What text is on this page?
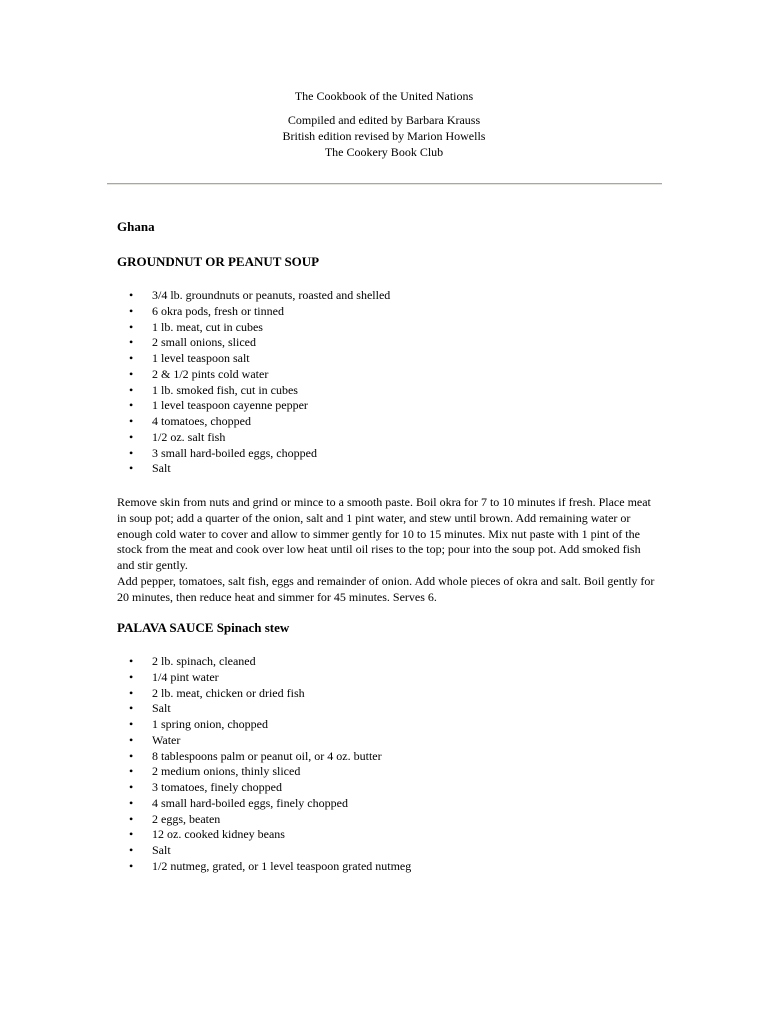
The Cookbook of the United Nations
Compiled and edited by Barbara Krauss
British edition revised by Marion Howells
The Cookery Book Club
Ghana
GROUNDNUT OR PEANUT SOUP
• 3/4 lb. groundnuts or peanuts, roasted and shelled
• 6 okra pods, fresh or tinned
• 1 lb. meat, cut in cubes
• 2 small onions, sliced
• 1 level teaspoon salt
• 2 & 1/2 pints cold water
• 1 lb. smoked fish, cut in cubes
• 1 level teaspoon cayenne pepper
• 4 tomatoes, chopped
• 1/2 oz. salt fish
• 3 small hard-boiled eggs, chopped
• Salt

Remove skin from nuts and grind or mince to a smooth paste. Boil okra for 7 to 10 minutes if fresh. Place meat in soup pot; add a quarter of the onion, salt and 1 pint water, and stew until brown. Add remaining water or enough cold water to cover and allow to simmer gently for 10 to 15 minutes. Mix nut paste with 1 pint of the stock from the meat and cook over low heat until oil rises to the top; pour into the soup pot. Add smoked fish and stir gently.

Add pepper, tomatoes, salt fish, eggs and remainder of onion. Add whole pieces of okra and salt. Boil gently for 20 minutes, then reduce heat and simmer for 45 minutes. Serves 6.

PALAVA SAUCE Spinach stew
• 2 lb. spinach, cleaned
• 1/4 pint water
• 2 lb. meat, chicken or dried fish
• Salt
• 1 spring onion, chopped
• Water
• 8 tablespoons palm or peanut oil, or 4 oz. butter
• 2 medium onions, thinly sliced
• 3 tomatoes, finely chopped
• 4 small hard-boiled eggs, finely chopped
• 2 eggs, beaten
• 12 oz. cooked kidney beans
• Salt
• 1/2 nutmeg, grated, or 1 level teaspoon grated nutmeg
